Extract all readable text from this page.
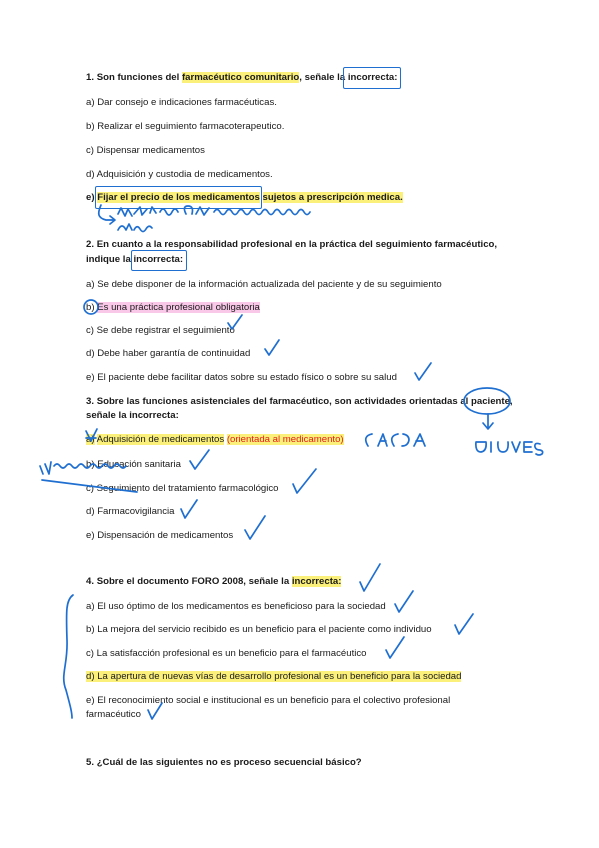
1. Son funciones del farmacéutico comunitario, señale la incorrecta:
a) Dar consejo e indicaciones farmacéuticas.
b) Realizar el seguimiento farmacoterapeutico.
c) Dispensar medicamentos
d) Adquisición y custodia de medicamentos.
e) Fijar el precio de los medicamentos sujetos a prescripción medica.
2. En cuanto a la responsabilidad profesional en la práctica del seguimiento farmacéutico,
indique la incorrecta:
a) Se debe disponer de la información actualizada del paciente y de su seguimiento
b) Es una práctica profesional obligatoria
c) Se debe registrar el seguimiento
d) Debe haber garantía de continuidad
e) El paciente debe facilitar datos sobre su estado físico o sobre su salud
3. Sobre las funciones asistenciales del farmacéutico, son actividades orientadas al paciente,
señale la incorrecta:
a) Adquisición de medicamentos (orientada al medicamento)
b) Educación sanitaria
c) Seguimiento del tratamiento farmacológico
d) Farmacovigilancia
e) Dispensación de medicamentos
4. Sobre el documento FORO 2008, señale la incorrecta:
a) El uso óptimo de los medicamentos es beneficioso para la sociedad
b) La mejora del servicio recibido es un beneficio para el paciente como individuo
c) La satisfacción profesional es un beneficio para el farmacéutico
d) La apertura de nuevas vías de desarrollo profesional es un beneficio para la sociedad
e) El reconocimiento social e institucional es un beneficio para el colectivo profesional
farmacéutico
5. ¿Cuál de las siguientes no es proceso secuencial básico?
